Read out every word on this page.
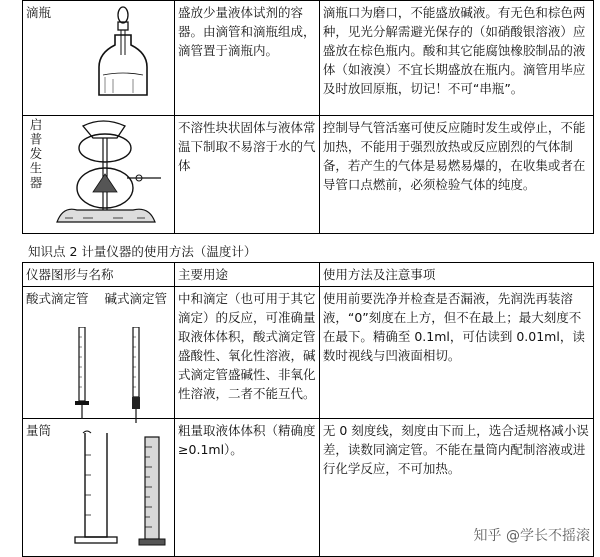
滴瓶	盛放少量液体试剂的容器。由滴管和滴瓶组成，滴管置于滴瓶内。	滴瓶口为磨口，不能盛放碱液。有无色和棕色两种，见光分解需避光保存的（如硝酸银溶液）应盛放在棕色瓶内。酸和其它能腐蚀橡胶制品的液体（如液溴）不宜长期盛放在瓶内。滴管用毕应及时放回原瓶，切记！不可“串瓶”。
启普发生器	不溶性块状固体与液体常温下制取不易溶于水的气体	控制导气管活塞可使反应随时发生或停止，不能加热，不能用于强烈放热或反应剧烈的气体制备，若产生的气体是易燃易爆的，在收集或者在导管口点燃前，必须检验气体的纯度。
知识点 2 计量仪器的使用方法（温度计）
仪器图形与名称	主要用途	使用方法及注意事项
酸式滴定管 碱式滴定管	中和滴定（也可用于其它滴定）的反应，可准确量取液体体积，酸式滴定管盛酸性、氧化性溶液，碱式滴定管盛碱性、非氧化性溶液，二者不能互代。	使用前要洗净并检查是否漏液，先润洗再装溶液，“0”刻度在上方，但不在最上；最大刻度不在最下。精确至 0.1ml，可估读到 0.01ml，读数时视线与凹液面相切。
量筒	粗量取液体体积（精确度≥0.1ml）。	无 0 刻度线，刻度由下而上，选合适规格减小误差，读数同滴定管。不能在量筒内配制溶液或进行化学反应，不可加热。
知乎 @学长不摇滚
